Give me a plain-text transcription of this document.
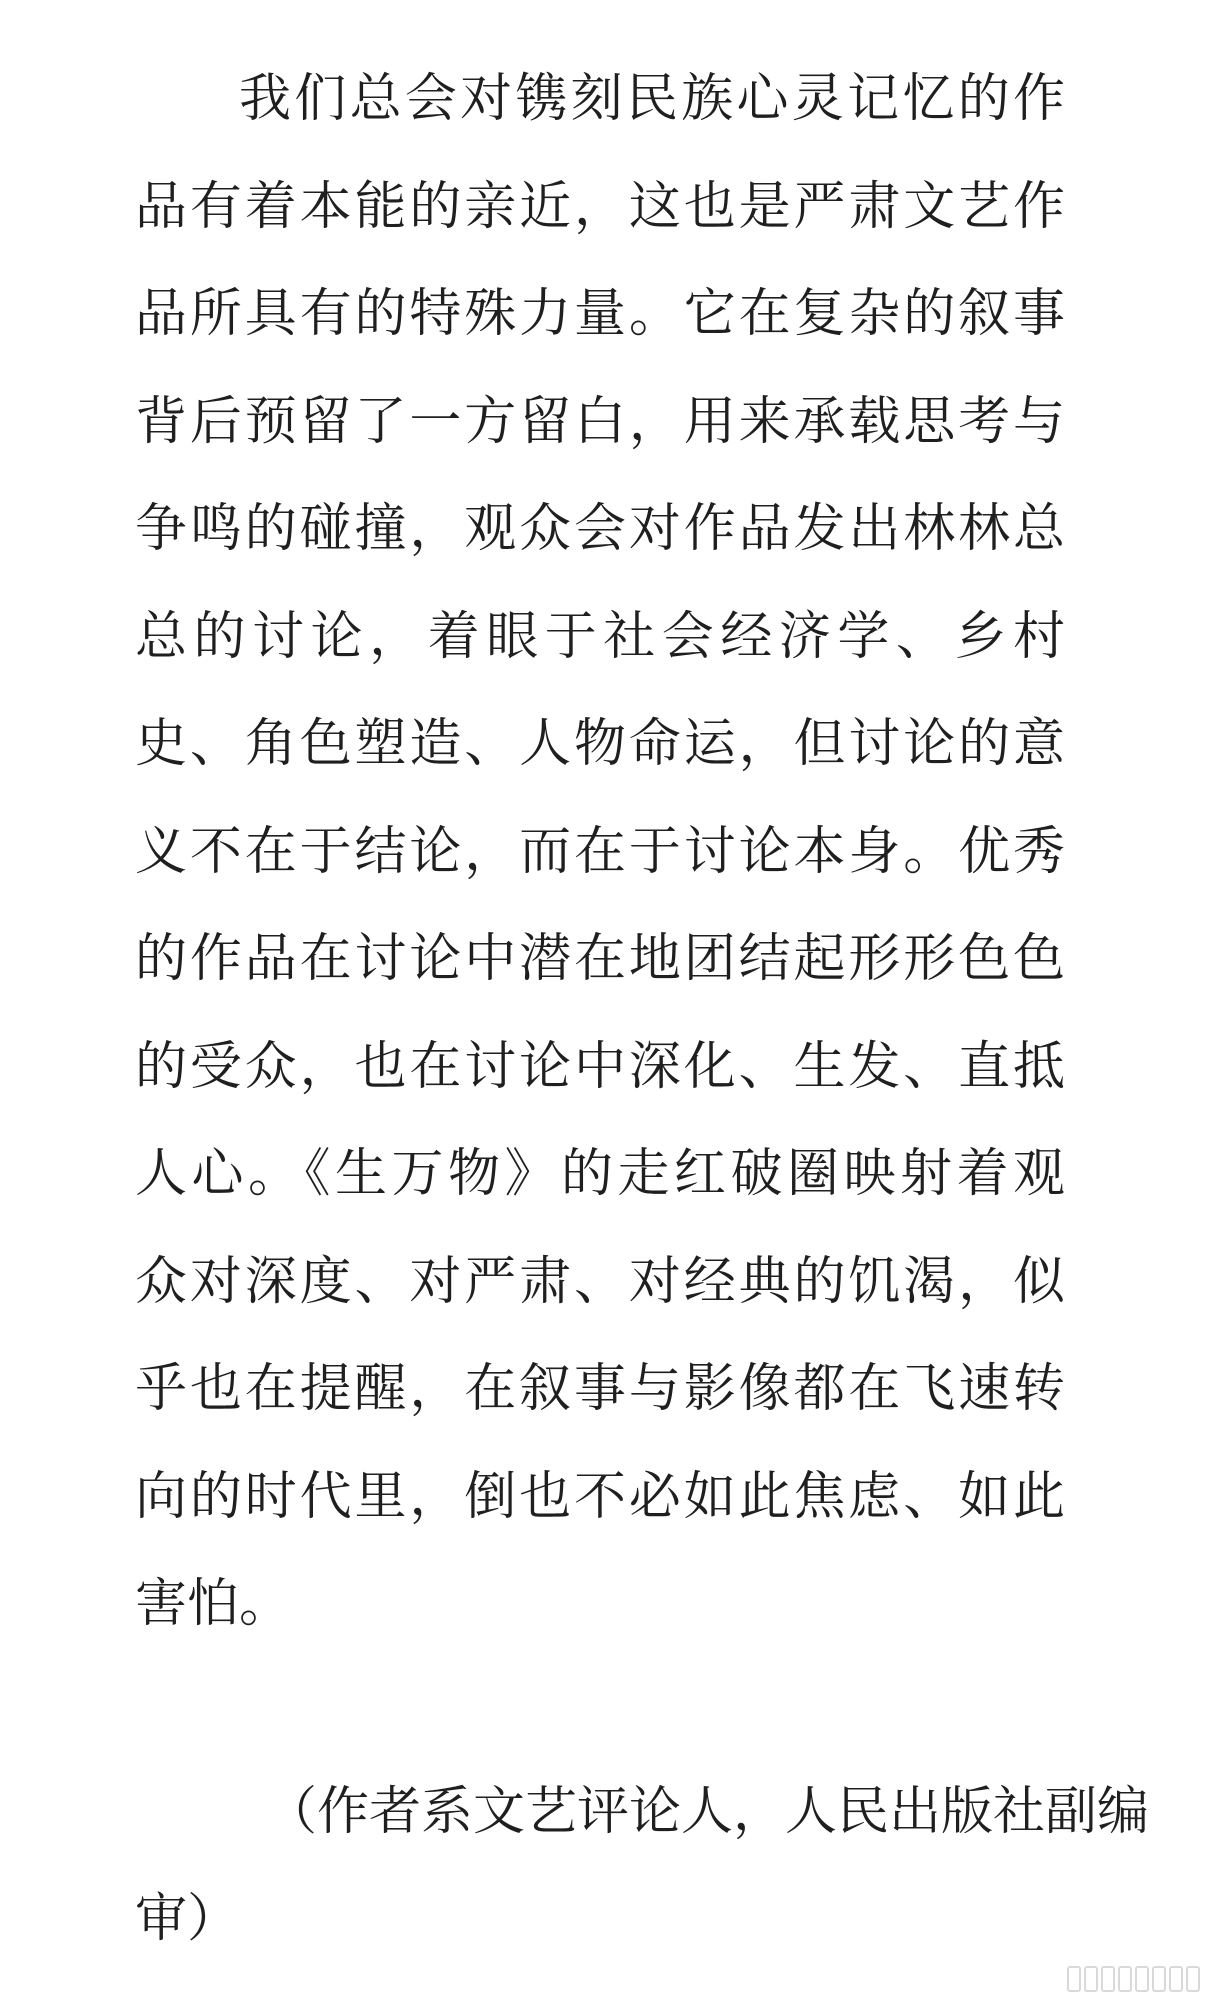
我们总会对镌刻民族心灵记忆的作
品有着本能的亲近，这也是严肃文艺作
品所具有的特殊力量。它在复杂的叙事
背后预留了一方留白，用来承载思考与
争鸣的碰撞，观众会对作品发出林林总
总的讨论，着眼于社会经济学、乡村
史、角色塑造、人物命运，但讨论的意
义不在于结论，而在于讨论本身。优秀
的作品在讨论中潜在地团结起形形色色
的受众，也在讨论中深化、生发、直抵
人心。《生万物》的走红破圈映射着观
众对深度、对严肃、对经典的饥渴，似
乎也在提醒，在叙事与影像都在飞速转
向的时代里，倒也不必如此焦虑、如此
害怕。
（作者系文艺评论人，人民出版社副编
审）
